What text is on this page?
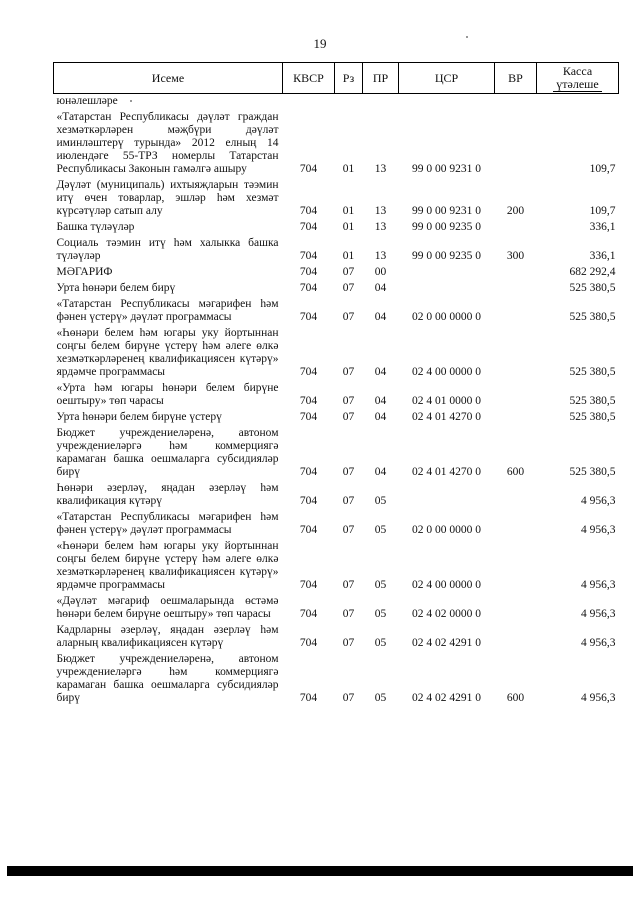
19
Исеме	КВСР	Рз	ПР	ЦСР	ВР	Касса
үтәлеше

юнәлешләре						
«Татарстан Республикасы дәүләт граждан хезмәткәрләрен мәҗбүри дәүләт иминләштерү турында» 2012 елның 14 июлендәге 55-ТРЗ номерлы Татарстан Республикасы Законын гамәлгә ашыру	704	01	13	99 0 00 9231 0		109,7
Дәүләт (муниципаль) ихтыяҗларын тәэмин итү өчен товарлар, эшләр һәм хезмәт күрсәтүләр сатып алу	704	01	13	99 0 00 9231 0	200	109,7
Башка түләүләр	704	01	13	99 0 00 9235 0		336,1
Социаль тәэмин итү һәм халыкка башка түләүләр	704	01	13	99 0 00 9235 0	300	336,1
МӘГАРИФ	704	07	00			682 292,4
Урта һөнәри белем бирү	704	07	04			525 380,5
«Татарстан Республикасы мәгарифен һәм фәнен үстерү» дәүләт программасы	704	07	04	02 0 00 0000 0		525 380,5
«Һөнәри белем һәм югары уку йортыннан соңгы белем бирүне үстерү һәм әлеге өлкә хезмәткәрләренең квалификациясен күтәрү» ярдәмче программасы	704	07	04	02 4 00 0000 0		525 380,5
«Урта һәм югары һөнәри белем бирүне оештыру» төп чарасы	704	07	04	02 4 01 0000 0		525 380,5
Урта һөнәри белем бирүне үстерү	704	07	04	02 4 01 4270 0		525 380,5
Бюджет учреждениеләренә, автоном учреждениеләргә һәм коммерциягә карамаган башка оешмаларга субсидияләр бирү	704	07	04	02 4 01 4270 0	600	525 380,5
Һөнәри әзерләү, яңадан әзерләү һәм квалификация күтәрү	704	07	05			4 956,3
«Татарстан Республикасы мәгарифен һәм фәнен үстерү» дәүләт программасы	704	07	05	02 0 00 0000 0		4 956,3
«Һөнәри белем һәм югары уку йортыннан соңгы белем бирүне үстерү һәм әлеге өлкә хезмәткәрләренең квалификациясен күтәрү» ярдәмче программасы	704	07	05	02 4 00 0000 0		4 956,3
«Дәүләт мәгариф оешмаларында өстәмә һөнәри белем бирүне оештыру» төп чарасы	704	07	05	02 4 02 0000 0		4 956,3
Кадрларны әзерләү, яңадан әзерләү һәм аларның квалификациясен күтәрү	704	07	05	02 4 02 4291 0		4 956,3
Бюджет учреждениеләренә, автоном учреждениеләргә һәм коммерциягә карамаган башка оешмаларга субсидияләр бирү	704	07	05	02 4 02 4291 0	600	4 956,3
